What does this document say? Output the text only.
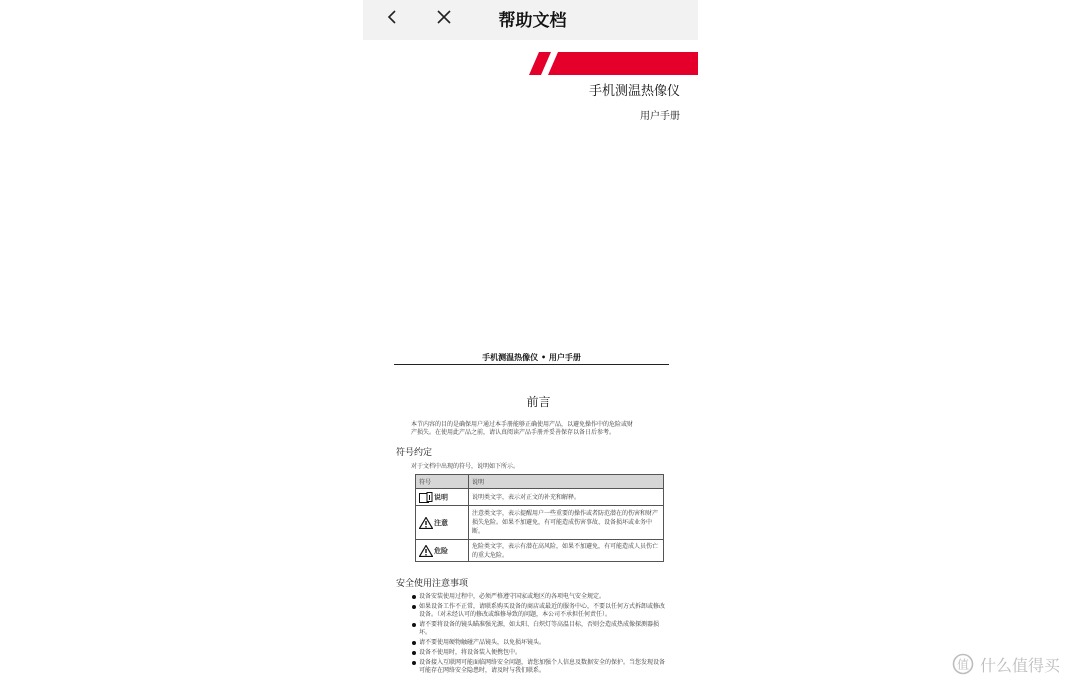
帮助文档
手机测温热像仪
用户手册
手机测温热像仪 • 用户手册
前言
本节内容的目的是确保用户通过本手册能够正确使用产品，以避免操作中的危险或财
产损失。在使用此产品之前，请认真阅读产品手册并妥善保存以备日后参考。
符号约定
对于文档中出现的符号，说明如下所示。
符号	说明
说明	说明类文字，表示对正文的补充和解释。
注意	注意类文字，表示提醒用户一些重要的操作或者防范潜在的伤害和财产损失危险。如果不加避免，有可能造成伤害事故、设备损坏或业务中断。
危险	危险类文字，表示有潜在高风险，如果不加避免，有可能造成人员伤亡的重大危险。
安全使用注意事项
设备安装使用过程中，必须严格遵守国家或地区的各项电气安全规定。
如果设备工作不正常，请联系购买设备的商店或最近的服务中心，不要以任何方式拆卸或修改设备。（对未经认可的修改或维修导致的问题，本公司不承担任何责任）。
请不要将设备的镜头瞄准强光源，如太阳、白炽灯等高温目标，否则会造成热成像探测器损坏。
请不要使用硬物触碰产品镜头，以免损坏镜头。
设备不使用时，将设备装入便携包中。
设备接入互联网可能面临网络安全问题，请您加强个人信息及数据安全的保护。当您发现设备可能存在网络安全隐患时，请及时与我们联系。	值 什么值得买
